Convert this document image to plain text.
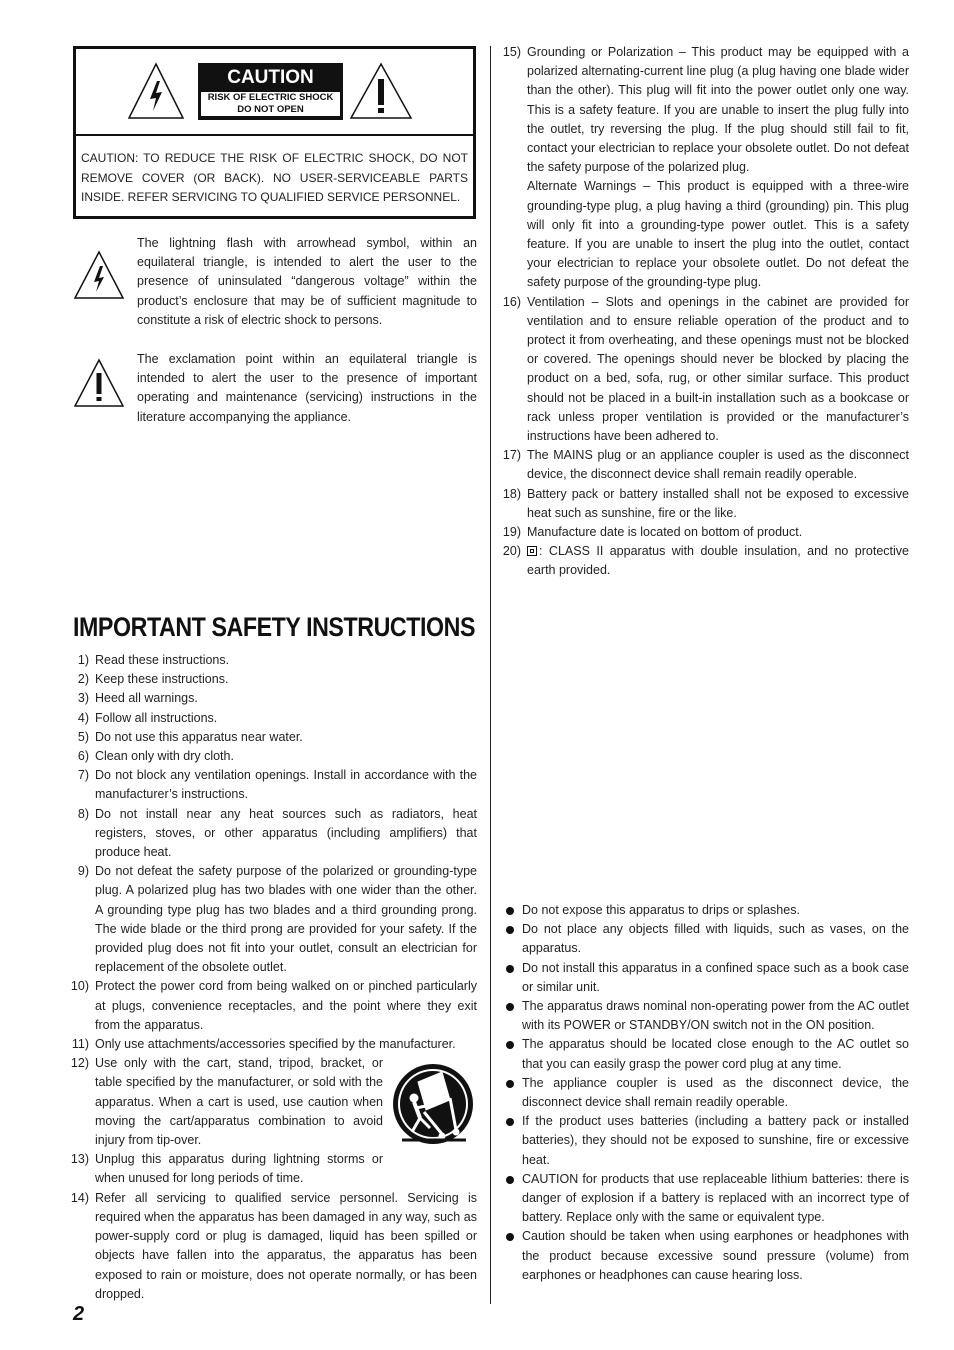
CAUTION
RISK OF ELECTRIC SHOCK
DO NOT OPEN
CAUTION: TO REDUCE THE RISK OF ELECTRIC SHOCK, DO NOT REMOVE COVER (OR BACK). NO USER-SERVICEABLE PARTS INSIDE. REFER SERVICING TO QUALIFIED SERVICE PERSONNEL.
The lightning flash with arrowhead symbol, within an equilateral triangle, is intended to alert the user to the presence of uninsulated “dangerous voltage” within the product’s enclosure that may be of sufficient magnitude to constitute a risk of electric shock to persons.
The exclamation point within an equilateral triangle is intended to alert the user to the presence of important operating and maintenance (servicing) instructions in the literature accompanying the appliance.
IMPORTANT SAFETY INSTRUCTIONS
1) Read these instructions.
2) Keep these instructions.
3) Heed all warnings.
4) Follow all instructions.
5) Do not use this apparatus near water.
6) Clean only with dry cloth.
7) Do not block any ventilation openings. Install in accordance with the manufacturer’s instructions.
8) Do not install near any heat sources such as radiators, heat registers, stoves, or other apparatus (including amplifiers) that produce heat.
9) Do not defeat the safety purpose of the polarized or grounding-type plug. A polarized plug has two blades with one wider than the other. A grounding type plug has two blades and a third grounding prong. The wide blade or the third prong are provided for your safety. If the provided plug does not fit into your outlet, consult an electrician for replacement of the obsolete outlet.
10) Protect the power cord from being walked on or pinched particularly at plugs, convenience receptacles, and the point where they exit from the apparatus.
11) Only use attachments/accessories specified by the manufacturer.
12) Use only with the cart, stand, tripod, bracket, or table specified by the manufacturer, or sold with the apparatus. When a cart is used, use caution when moving the cart/apparatus combination to avoid injury from tip-over.
13) Unplug this apparatus during lightning storms or when unused for long periods of time.
14) Refer all servicing to qualified service personnel. Servicing is required when the apparatus has been damaged in any way, such as power-supply cord or plug is damaged, liquid has been spilled or objects have fallen into the apparatus, the apparatus has been exposed to rain or moisture, does not operate normally, or has been dropped.
15) Grounding or Polarization – This product may be equipped with a polarized alternating-current line plug (a plug having one blade wider than the other). This plug will fit into the power outlet only one way. This is a safety feature. If you are unable to insert the plug fully into the outlet, try reversing the plug. If the plug should still fail to fit, contact your electrician to replace your obsolete outlet. Do not defeat the safety purpose of the polarized plug.
Alternate Warnings – This product is equipped with a three-wire grounding-type plug, a plug having a third (grounding) pin. This plug will only fit into a grounding-type power outlet. This is a safety feature. If you are unable to insert the plug into the outlet, contact your electrician to replace your obsolete outlet. Do not defeat the safety purpose of the grounding-type plug.
16) Ventilation – Slots and openings in the cabinet are provided for ventilation and to ensure reliable operation of the product and to protect it from overheating, and these openings must not be blocked or covered. The openings should never be blocked by placing the product on a bed, sofa, rug, or other similar surface. This product should not be placed in a built-in installation such as a bookcase or rack unless proper ventilation is provided or the manufacturer’s instructions have been adhered to.
17) The MAINS plug or an appliance coupler is used as the disconnect device, the disconnect device shall remain readily operable.
18) Battery pack or battery installed shall not be exposed to excessive heat such as sunshine, fire or the like.
19) Manufacture date is located on bottom of product.
20) : CLASS II apparatus with double insulation, and no protective earth provided.
Do not expose this apparatus to drips or splashes.
Do not place any objects filled with liquids, such as vases, on the apparatus.
Do not install this apparatus in a confined space such as a book case or similar unit.
The apparatus draws nominal non-operating power from the AC outlet with its POWER or STANDBY/ON switch not in the ON position.
The apparatus should be located close enough to the AC outlet so that you can easily grasp the power cord plug at any time.
The appliance coupler is used as the disconnect device, the disconnect device shall remain readily operable.
If the product uses batteries (including a battery pack or installed batteries), they should not be exposed to sunshine, fire or excessive heat.
CAUTION for products that use replaceable lithium batteries: there is danger of explosion if a battery is replaced with an incorrect type of battery. Replace only with the same or equivalent type.
Caution should be taken when using earphones or headphones with the product because excessive sound pressure (volume) from earphones or headphones can cause hearing loss.
2
